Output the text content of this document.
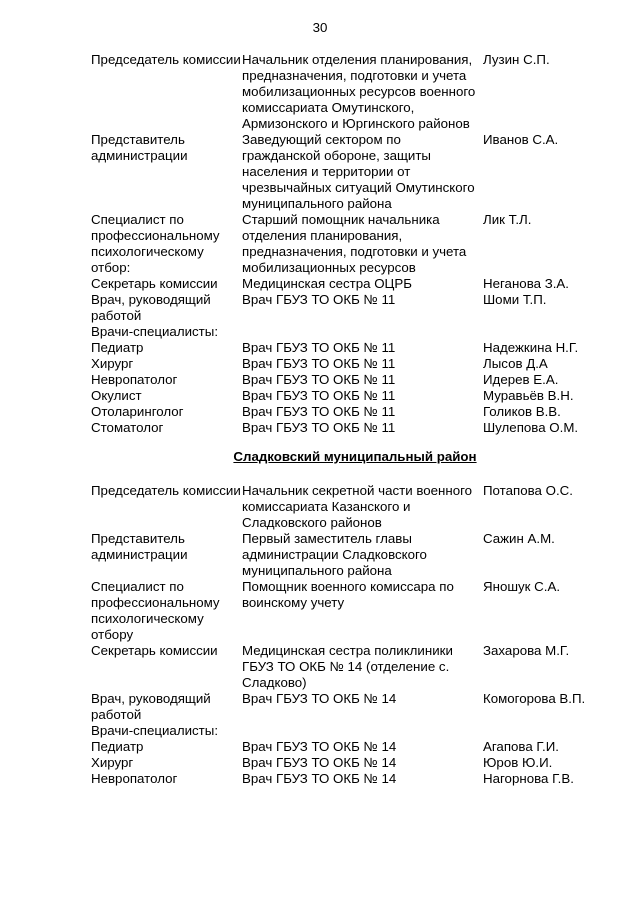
30
Председатель комиссии	Начальник отделения планирования, предназначения, подготовки и учета мобилизационных ресурсов военного комиссариата Омутинского, Армизонского и Юргинского районов	Лузин С.П.
Представитель администрации	Заведующий сектором по гражданской обороне, защиты населения и территории от чрезвычайных ситуаций Омутинского муниципального района	Иванов С.А.
Специалист по профессиональному психологическому отбор:	Старший помощник начальника отделения планирования, предназначения, подготовки и учета мобилизационных ресурсов	Лик Т.Л.
Секретарь комиссии	Медицинская сестра ОЦРБ	Неганова З.А.
Врач, руководящий работой	Врач ГБУЗ ТО ОКБ № 11	Шоми Т.П.
Врачи-специалисты:		
Педиатр	Врач ГБУЗ ТО ОКБ № 11	Надежкина Н.Г.
Хирург	Врач ГБУЗ ТО ОКБ № 11	Лысов Д.А
Невропатолог	Врач ГБУЗ ТО ОКБ № 11	Идерев Е.А.
Окулист	Врач ГБУЗ ТО ОКБ № 11	Муравьёв В.Н.
Отоларинголог	Врач ГБУЗ ТО ОКБ № 11	Голиков В.В.
Стоматолог	Врач ГБУЗ ТО ОКБ № 11	Шулепова О.М.
Сладковский муниципальный район
Председатель комиссии	Начальник секретной части военного комиссариата Казанского и Сладковского районов	Потапова О.С.
Представитель администрации	Первый заместитель главы администрации Сладковского муниципального района	Сажин А.М.
Специалист по профессиональному психологическому отбору	Помощник военного комиссара по воинскому учету	Яношук С.А.
Секретарь комиссии	Медицинская сестра поликлиники ГБУЗ ТО ОКБ № 14 (отделение с. Сладково)	Захарова М.Г.
Врач, руководящий работой	Врач ГБУЗ ТО ОКБ № 14	Комогорова В.П.
Врачи-специалисты:		
Педиатр	Врач ГБУЗ ТО ОКБ № 14	Агапова Г.И.
Хирург	Врач ГБУЗ ТО ОКБ № 14	Юров Ю.И.
Невропатолог	Врач ГБУЗ ТО ОКБ № 14	Нагорнова Г.В.
